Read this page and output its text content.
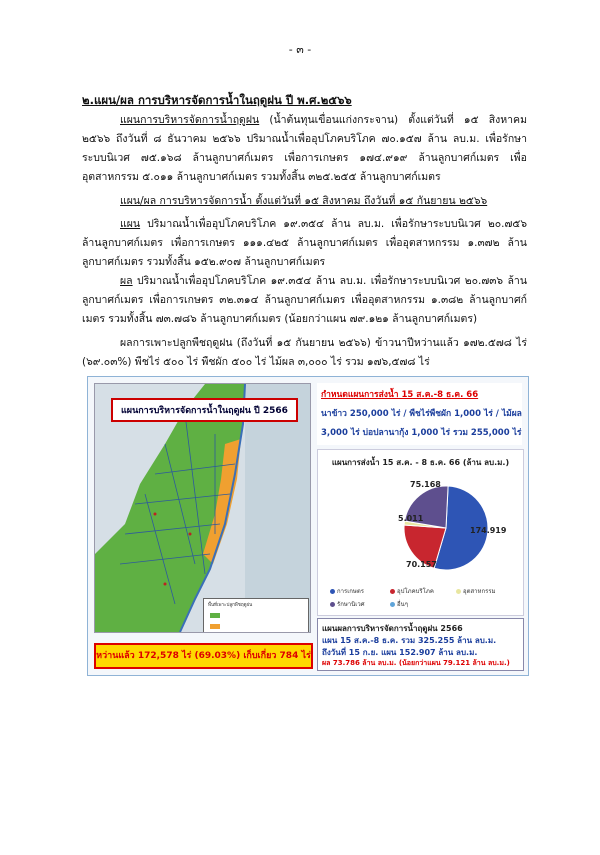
- ๓ -
๒.แผน/ผล การบริหารจัดการน้ำในฤดูฝน ปี พ.ศ.๒๕๖๖
แผนการบริหารจัดการน้ำฤดูฝน (น้ำต้นทุนเขื่อนแก่งกระจาน) ตั้งแต่วันที่ ๑๕ สิงหาคม ๒๕๖๖ ถึงวันที่ ๘ ธันวาคม ๒๕๖๖ ปริมาณน้ำเพื่ออุปโภคบริโภค ๗๐.๑๕๗ ล้าน ลบ.ม. เพื่อรักษาระบบนิเวศ ๗๕.๑๖๘ ล้านลูกบาศก์เมตร เพื่อการเกษตร ๑๗๔.๙๑๙ ล้านลูกบาศก์เมตร เพื่ออุตสาหกรรม ๕.๐๑๑ ล้านลูกบาศก์เมตร รวมทั้งสิ้น ๓๒๕.๒๕๕ ล้านลูกบาศก์เมตร
แผน/ผล การบริหารจัดการน้ำ ตั้งแต่วันที่ ๑๕ สิงหาคม ถึงวันที่ ๑๕ กันยายน ๒๕๖๖
แผน ปริมาณน้ำเพื่ออุปโภคบริโภค ๑๙.๓๕๔ ล้าน ลบ.ม. เพื่อรักษาระบบนิเวศ ๒๐.๗๕๖ ล้านลูกบาศก์เมตร เพื่อการเกษตร ๑๑๑.๔๒๕ ล้านลูกบาศก์เมตร เพื่ออุตสาหกรรม ๑.๓๗๒ ล้านลูกบาศก์เมตร รวมทั้งสิ้น ๑๕๒.๙๐๗ ล้านลูกบาศก์เมตร
ผล ปริมาณน้ำเพื่ออุปโภคบริโภค ๑๙.๓๕๔ ล้าน ลบ.ม. เพื่อรักษาระบบนิเวศ ๒๐.๗๓๖ ล้านลูกบาศก์เมตร เพื่อการเกษตร ๓๒.๓๑๔ ล้านลูกบาศก์เมตร เพื่ออุตสาหกรรม ๑.๓๘๒ ล้านลูกบาศก์เมตร รวมทั้งสิ้น ๗๓.๗๘๖ ล้านลูกบาศก์เมตร (น้อยกว่าแผน ๗๙.๑๒๑ ล้านลูกบาศก์เมตร)
ผลการเพาะปลูกพืชฤดูฝน (ถึงวันที่ ๑๕ กันยายน ๒๕๖๖) ข้าวนาปีหว่านแล้ว ๑๗๒.๕๗๘ ไร่ (๖๙.๐๓%) พืชไร่ ๕๐๐ ไร่ พืชผัก ๕๐๐ ไร่ ไม้ผล ๓,๐๐๐ ไร่ รวม ๑๗๖,๕๗๘ ไร่
แผนการบริหารจัดการน้ำในฤดูฝน ปี 2566
พื้นที่เพาะปลูกพืชฤดูฝน
หว่านแล้ว 172,578 ไร่ (69.03%) เก็บเกี่ยว 784 ไร่
กำหนดแผนการส่งน้ำ 15 ส.ค.-8 ธ.ค. 66
นาข้าว 250,000 ไร่ / พืชไร่พืชผัก 1,000 ไร่ / ไม้ผล
3,000 ไร่ บ่อปลานากุ้ง 1,000 ไร่ รวม 255,000 ไร่
แผนการส่งน้ำ 15 ส.ค. - 8 ธ.ค. 66 (ล้าน ลบ.ม.)
75.168
174.919
5.011
70.157
การเกษตร	อุปโภคบริโภค	อุตสาหกรรม
รักษานิเวศ	อื่นๆ
แผนผลการบริหารจัดการน้ำฤดูฝน 2566
แผน 15 ส.ค.-8 ธ.ค. รวม 325.255 ล้าน ลบ.ม.
ถึงวันที่ 15 ก.ย. แผน 152.907 ล้าน ลบ.ม.
ผล 73.786 ล้าน ลบ.ม. (น้อยกว่าแผน 79.121 ล้าน ลบ.ม.)
